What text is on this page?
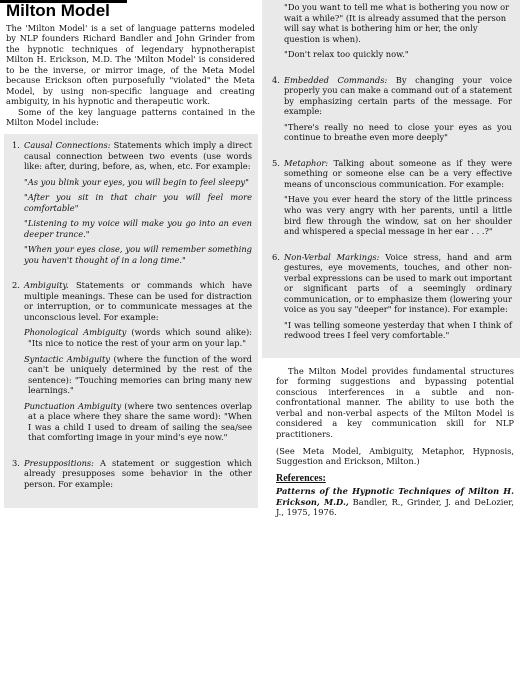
Milton Model

The 'Milton Model' is a set of language patterns modeled by NLP founders Richard Bandler and John Grinder from the hypnotic techniques of legendary hypnotherapist Milton H. Erickson, M.D. The 'Milton Model' is considered to be the inverse, or mirror image, of the Meta Model because Erickson often purposefully "violated" the Meta Model, by using non-specific language and creating ambiguity, in his hypnotic and therapeutic work.

Some of the key language patterns contained in the Milton Model include:

1. Causal Connections: Statements which imply a direct causal connection between two events (use words like: after, during, before, as, when, etc. For example:

"As you blink your eyes, you will begin to feel sleepy"

"After you sit in that chair you will feel more comfortable"

"Listening to my voice will make you go into an even deeper trance."

"When your eyes close, you will remember something you haven't thought of in a long time."

2. Ambiguity. Statements or commands which have multiple meanings. These can be used for distraction or interruption, or to communicate messages at the unconscious level. For example:

Phonological Ambiguity (words which sound alike): "Its nice to notice the rest of your arm on your lap."

Syntactic Ambiguity (where the function of the word can't be uniquely determined by the rest of the sentence): "Touching memories can bring many new learnings."

Punctuation Ambiguity (where two sentences overlap at a place where they share the same word): "When I was a child I used to dream of sailing the sea/see that comforting image in your mind's eye now."

3. Presuppositions: A statement or suggestion which already presupposes some behavior in the other person. For example:

"Do you want to tell me what is bothering you now or wait a while?" (It is already assumed that the person will say what is bothering him or her, the only question is when).

"Don't relax too quickly now."

4. Embedded Commands: By changing your voice properly you can make a command out of a statement by emphasizing certain parts of the message. For example:

"There's really no need to close your eyes as you continue to breathe even more deeply"

5. Metaphor: Talking about someone as if they were something or someone else can be a very effective means of unconscious communication. For example:

"Have you ever heard the story of the little princess who was very angry with her parents, until a little bird flew through the window, sat on her shoulder and whispered a special message in her ear . . .?"

6. Non-Verbal Markings: Voice stress, hand and arm gestures, eye movements, touches, and other non-verbal expressions can be used to mark out important or significant parts of a seemingly ordinary communication, or to emphasize them (lowering your voice as you say "deeper" for instance). For example:

"I was telling someone yesterday that when I think of redwood trees I feel very comfortable."

The Milton Model provides fundamental structures for forming suggestions and bypassing potential conscious interferences in a subtle and non-confrontational manner. The ability to use both the verbal and non-verbal aspects of the Milton Model is considered a key communication skill for NLP practitioners.

(See Meta Model, Ambiguity, Metaphor, Hypnosis, Suggestion and Erickson, Milton.)

References:

Patterns of the Hypnotic Techniques of Milton H. Erickson, M.D., Bandler, R., Grinder, J. and DeLozier, J., 1975, 1976.
